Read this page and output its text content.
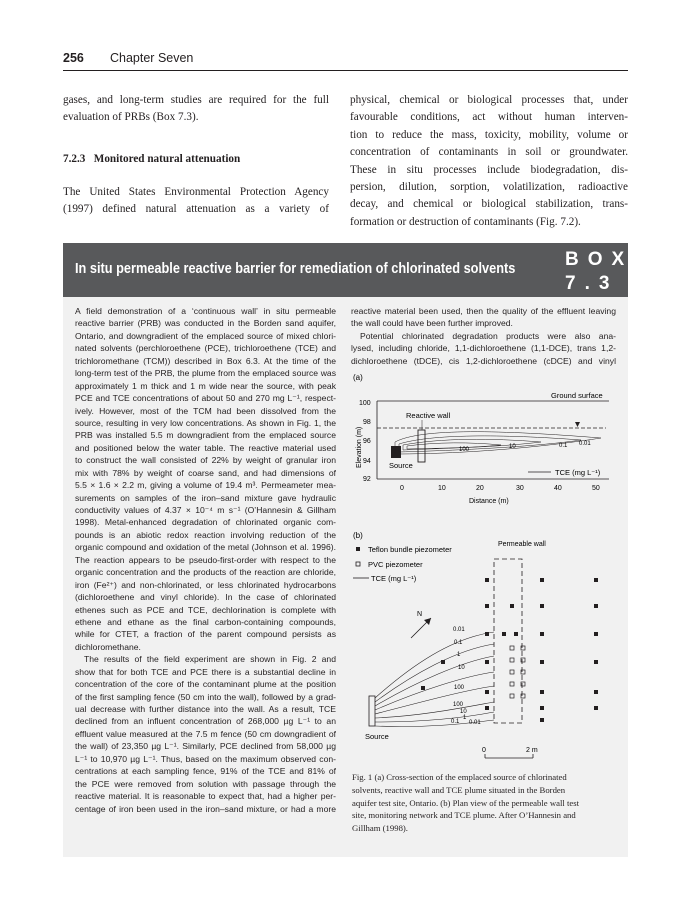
256 Chapter Seven
gases, and long-term studies are required for the full
evaluation of PRBs (Box 7.3).
7.2.3 Monitored natural attenuation
The United States Environmental Protection Agency
(1997) defined natural attenuation as a variety of
physical, chemical or biological processes that, under
favourable conditions, act without human interven-
tion to reduce the mass, toxicity, mobility, volume or
concentration of contaminants in soil or groundwater.
These in situ processes include biodegradation, dis-
persion, dilution, sorption, volatilization, radioactive
decay, and chemical or biological stabilization, trans-
formation or destruction of contaminants (Fig. 7.2).
In situ permeable reactive barrier for remediation of chlorinated solvents	BOX
7.3
A field demonstration of a ‘continuous wall’ in situ permeable
reactive barrier (PRB) was conducted in the Borden sand aquifer,
Ontario, and downgradient of the emplaced source of mixed chlori-
nated solvents (perchloroethene (PCE), trichloroethene (TCE) and
trichloromethane (TCM)) described in Box 6.3. At the time of the
long-term test of the PRB, the plume from the emplaced source was
approximately 1 m thick and 1 m wide near the source, with peak
PCE and TCE concentrations of about 50 and 270 mg L⁻¹, respect-
ively. However, most of the TCM had been dissolved from the
source, resulting in very low concentrations. As shown in Fig. 1, the
PRB was installed 5.5 m downgradient from the emplaced source
and positioned below the water table. The reactive material used
to construct the wall consisted of 22% by weight of granular iron
mix with 78% by weight of coarse sand, and had dimensions of
5.5 × 1.6 × 2.2 m, giving a volume of 19.4 m³. Permeameter mea-
surements on samples of the iron–sand mixture gave hydraulic
conductivity values of 4.37 × 10⁻⁴ m s⁻¹ (O’Hannesin & Gillham
1998). Metal-enhanced degradation of chlorinated organic com-
pounds is an abiotic redox reaction involving reduction of the
organic compound and oxidation of the metal (Johnson et al. 1996).
The reaction appears to be pseudo-first-order with respect to the
organic concentration and the products of the reaction are chloride,
iron (Fe²⁺) and non-chlorinated, or less chlorinated hydrocarbons
(dichloroethene and vinyl chloride). In the case of chlorinated
ethenes such as PCE and TCE, dechlorination is complete with
ethene and ethane as the final carbon-containing compounds,
while for CTET, a fraction of the parent compound persists as
dichloromethane.
The results of the field experiment are shown in Fig. 2 and
show that for both TCE and PCE there is a substantial decline in
concentration of the core of the contaminant plume at the position
of the first sampling fence (50 cm into the wall), followed by a grad-
ual decrease with further distance into the wall. As a result, TCE
declined from an influent concentration of 268,000 µg L⁻¹ to an
effluent value measured at the 7.5 m fence (50 cm downgradient of
the wall) of 23,350 µg L⁻¹. Similarly, PCE declined from 58,000 µg
L⁻¹ to 10,970 µg L⁻¹. Thus, based on the maximum observed con-
centrations at each sampling fence, 91% of the TCE and 81% of
the PCE were removed from solution with passage through the
reactive material. It is reasonable to expect that, had a higher per-
centage of iron been used in the iron–sand mixture, or had a more
reactive material been used, then the quality of the effluent leaving
the wall could have been further improved.
Potential chlorinated degradation products were also ana-
lysed, including chloride, 1,1-dichloroethene (1,1-DCE), trans 1,2-
dichloroethene (tDCE), cis 1,2-dichloroethene (cDCE) and vinyl
(a)
Ground surface
100
98
96
94
92
Elevation (m)
0	10	20	30	40	50
Distance (m)
Reactive wall
Source
100	10	0.1 0.01
TCE (mg L⁻¹)
(b)
Teflon bundle piezometer
PVC piezometer
TCE (mg L⁻¹)
Permeable wall
N
Source
0.01
0.1
1
10
100
100
10
1
0.1 0.01
0	2 m
Fig. 1 (a) Cross-section of the emplaced source of chlorinated
solvents, reactive wall and TCE plume situated in the Borden
aquifer test site, Ontario. (b) Plan view of the permeable wall test
site, monitoring network and TCE plume. After O’Hannesin and
Gillham (1998).
